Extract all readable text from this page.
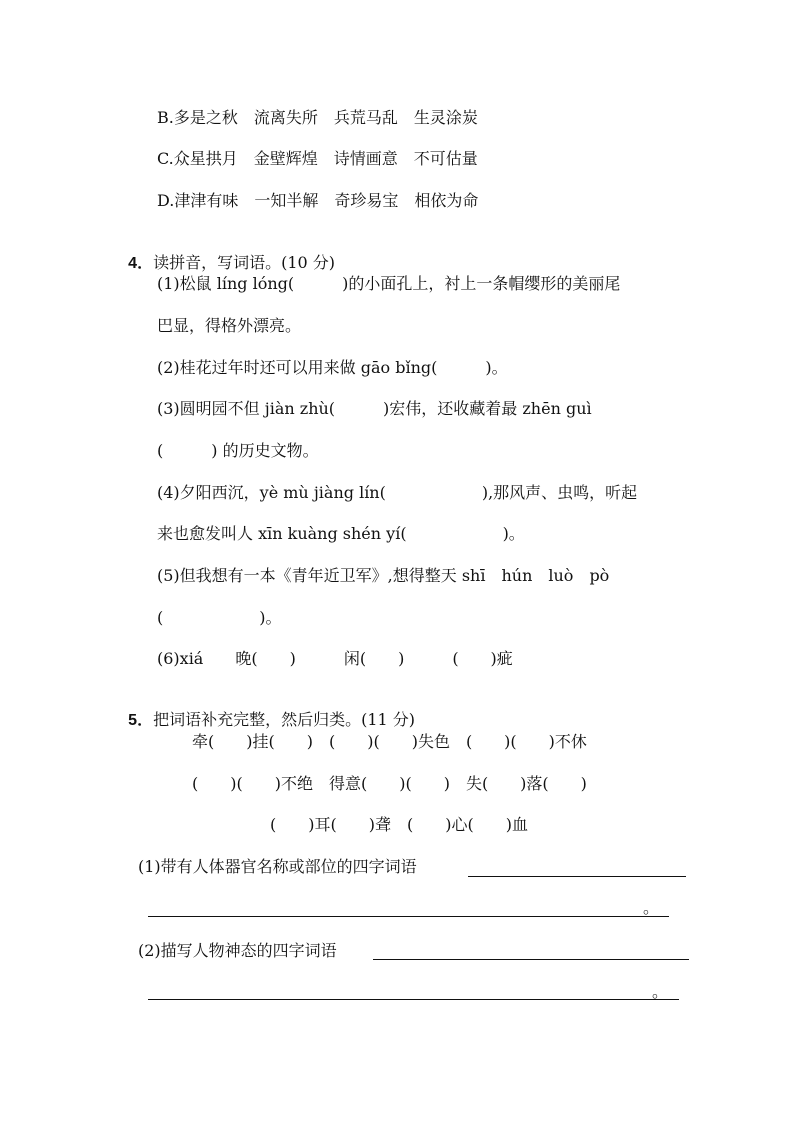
B.多是之秋　流离失所　兵荒马乱　生灵涂炭
C.众星拱月　金壁辉煌　诗情画意　不可估量
D.津津有味　一知半解　奇珍易宝　相依为命

4．读拼音，写词语。(10 分)

(1)松鼠 líng lóng(　　　)的小面孔上，衬上一条帽缨形的美丽尾
巴显，得格外漂亮。
(2)桂花过年时还可以用来做 gāo bǐng(　　　)。
(3)圆明园不但 jiàn zhù(　　　)宏伟，还收藏着最 zhēn guì
(　　　) 的历史文物。
(4)夕阳西沉，yè mù jiàng lín(　　　　　　),那风声、虫鸣，听起
来也愈发叫人 xīn kuàng shén yí(　　　　　　)。
(5)但我想有一本《青年近卫军》,想得整天 shī　hún　luò　pò
(　　　　　　)。
(6)xiá　　晚(　　)　　　闲(　　)　　　(　　)疵

5．把词语补充完整，然后归类。(11 分)

牵(　　)挂(　　)　(　　)(　　)失色　(　　)(　　)不休
(　　)(　　)不绝　得意(　　)(　　)　失(　　)落(　　)
(　　)耳(　　)聋　(　　)心(　　)血
(1)带有人体器官名称或部位的四字词语
。
(2)描写人物神态的四字词语
。
